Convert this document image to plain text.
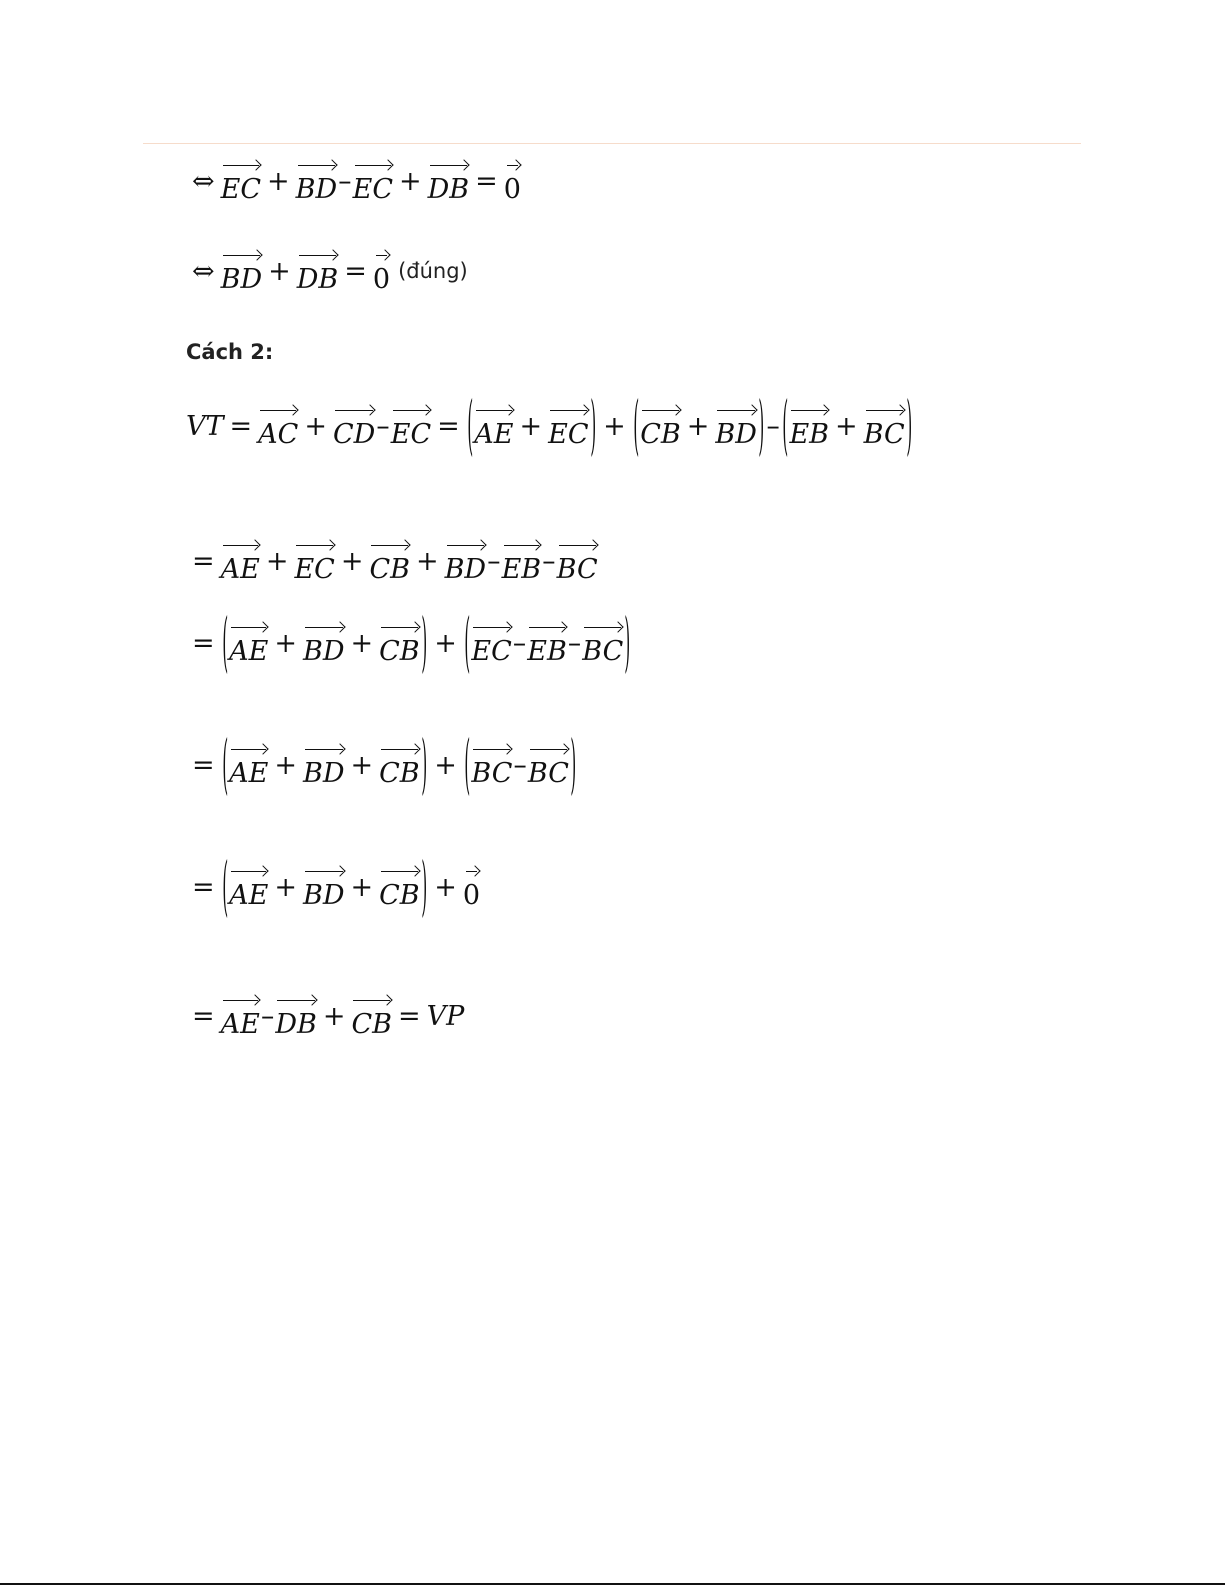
⇔ EC + BD – EC + DB = 0
⇔ BD + DB = 0 (đúng)
Cách 2:
VT = AC + CD – EC = ( AE + EC ) + ( CB + BD ) – ( EB + BC )
= AE + EC + CB + BD – EB – BC
= ( AE + BD + CB ) + ( EC – EB – BC )
= ( AE + BD + CB ) + ( BC – BC )
= ( AE + BD + CB ) + 0
= AE – DB + CB = VP
